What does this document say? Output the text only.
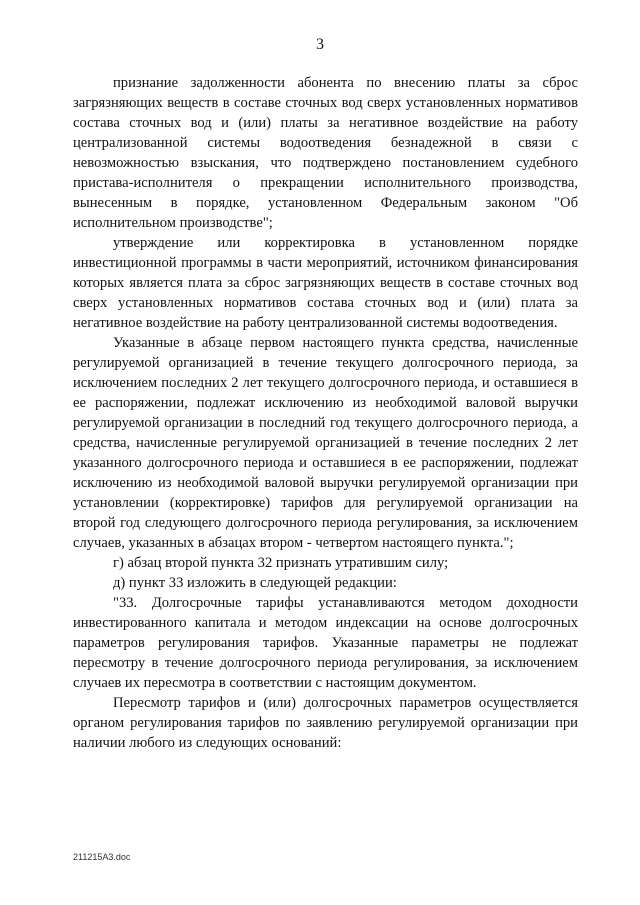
3

признание задолженности абонента по внесению платы за сброс загрязняющих веществ в составе сточных вод сверх установленных нормативов состава сточных вод и (или) платы за негативное воздействие на работу централизованной системы водоотведения безнадежной в связи с невозможностью взыскания, что подтверждено постановлением судебного пристава-исполнителя о прекращении исполнительного производства, вынесенным в порядке, установленном Федеральным законом "Об исполнительном производстве";

утверждение или корректировка в установленном порядке инвестиционной программы в части мероприятий, источником финансирования которых является плата за сброс загрязняющих веществ в составе сточных вод сверх установленных нормативов состава сточных вод и (или) плата за негативное воздействие на работу централизованной системы водоотведения.

Указанные в абзаце первом настоящего пункта средства, начисленные регулируемой организацией в течение текущего долгосрочного периода, за исключением последних 2 лет текущего долгосрочного периода, и оставшиеся в ее распоряжении, подлежат исключению из необходимой валовой выручки регулируемой организации в последний год текущего долгосрочного периода, а средства, начисленные регулируемой организацией в течение последних 2 лет указанного долгосрочного периода и оставшиеся в ее распоряжении, подлежат исключению из необходимой валовой выручки регулируемой организации при установлении (корректировке) тарифов для регулируемой организации на второй год следующего долгосрочного периода регулирования, за исключением случаев, указанных в абзацах втором - четвертом настоящего пункта.";

г) абзац второй пункта 32 признать утратившим силу;

д) пункт 33 изложить в следующей редакции:

"33. Долгосрочные тарифы устанавливаются методом доходности инвестированного капитала и методом индексации на основе долгосрочных параметров регулирования тарифов. Указанные параметры не подлежат пересмотру в течение долгосрочного периода регулирования, за исключением случаев их пересмотра в соответствии с настоящим документом.

Пересмотр тарифов и (или) долгосрочных параметров осуществляется органом регулирования тарифов по заявлению регулируемой организации при наличии любого из следующих оснований:

211215А3.doc
